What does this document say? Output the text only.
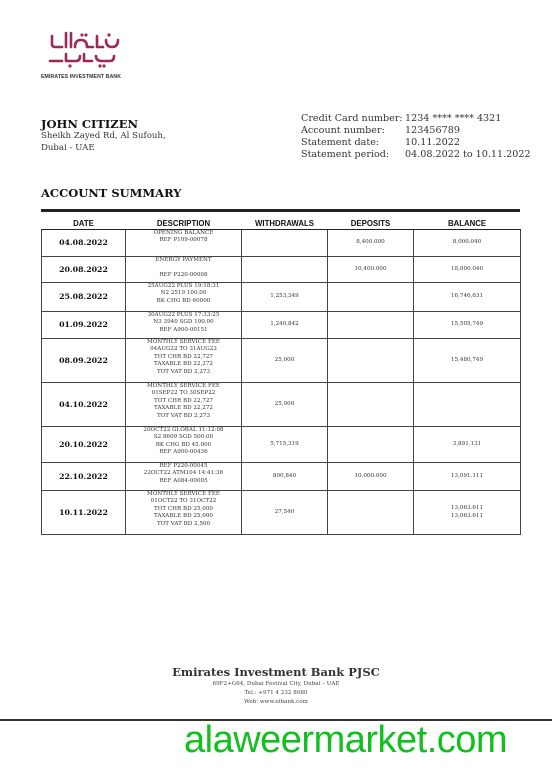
EMIRATES INVESTMENT BANK
JOHN CITIZEN
Sheikh Zayed Rd, Al Sufouh,
Dubai - UAE
Credit Card number: 1234 **** **** 4321
Account number: 123456789
Statement date:	10.11.2022
Statement period: 04.08.2022 to 10.11.2022
ACCOUNT SUMMARY
DATE	DESCRIPTION	WITHDRAWALS	DEPOSITS	BALANCE
04.08.2022	OPENING BALANCE
REF P109-00078		8,400.000	8,000.040
20.08.2022	ENERGY PAYMENT
REF P220-00008		10,400.000	18,000.040
25.08.2022	25AUG22 PLUS 19:18:31
N2 2519 100.00
BK CHG BD 60000	1,253,349		16,746,631
01.09.2022	30AUG22 PLUS 17:33:25
N3 3940 SGD 100.00
REF A900-00151	1,240,842		15,505,749
08.09.2022	MONTHLY SERVICE FEE
04AUG22 TO 31AUG22
TOT CHR BD 22,727
TAXABLE BD 22,272
TOT VAT BD 2,273	25,000		15,480,749
04.10.2022	MONTHLY SERVICE FEE
01SEP22 TO 30SEP22
TOT CHR BD 22,727
TAXABLE BD 22,272
TOT VAT BD 2,273	25,000		
20.10.2022	20OCT22 GLOBAL 11:12:08
S2 8609 SGD 500.00
BK CHG BD 45.000
REF A900-00436	5,715,319		3,891.131
22.10.2022	REF P220-00045
22OCT22 ATM104 14:41:36
REF A084-00005	800,840	10.000.000	13,091.111
10.11.2022	MONTHLY SERVICE FEE
01OCT22 TO 31OCT22
TOT CHR BD 25,000
TAXABLE BD 25,000
TOT VAT BD 2,500	27,540		13,063.611
13,063.611
Emirates Investment Bank PJSC
69F2+G64, Dubai Festival City, Dubai – UAE
Tel.: +971 4 232 8080
Web: www.eibank.com
alaweermarket.com
